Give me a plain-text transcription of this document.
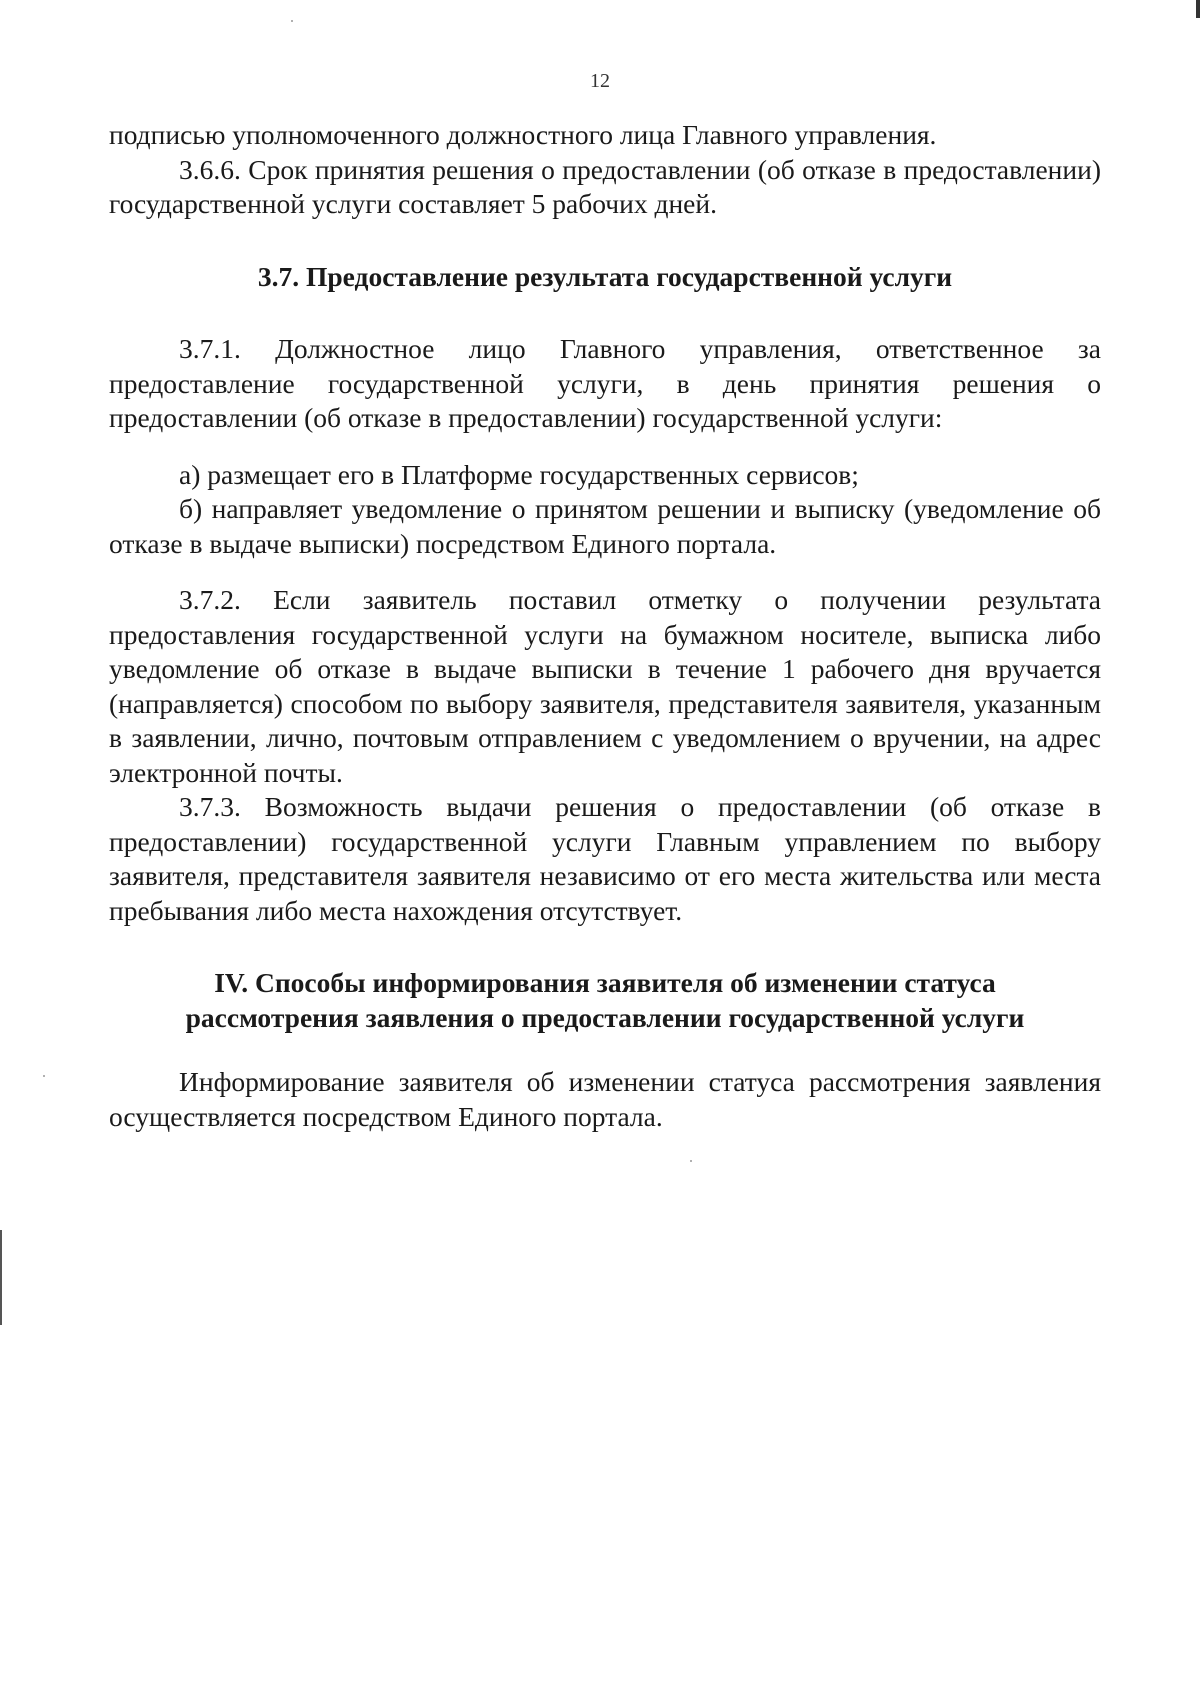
12

подписью уполномоченного должностного лица Главного управления.

3.6.6. Срок принятия решения о предоставлении (об отказе в предоставлении) государственной услуги составляет 5 рабочих дней.

3.7. Предоставление результата государственной услуги

3.7.1. Должностное лицо Главного управления, ответственное за предоставление государственной услуги, в день принятия решения о предоставлении (об отказе в предоставлении) государственной услуги:

а) размещает его в Платформе государственных сервисов;

б) направляет уведомление о принятом решении и выписку (уведомление об отказе в выдаче выписки) посредством Единого портала.

3.7.2. Если заявитель поставил отметку о получении результата предоставления государственной услуги на бумажном носителе, выписка либо уведомление об отказе в выдаче выписки в течение 1 рабочего дня вручается (направляется) способом по выбору заявителя, представителя заявителя, указанным в заявлении, лично, почтовым отправлением с уведомлением о вручении, на адрес электронной почты.

3.7.3. Возможность выдачи решения о предоставлении (об отказе в предоставлении) государственной услуги Главным управлением по выбору заявителя, представителя заявителя независимо от его места жительства или места пребывания либо места нахождения отсутствует.

IV. Способы информирования заявителя об изменении статуса

рассмотрения заявления о предоставлении государственной услуги

Информирование заявителя об изменении статуса рассмотрения заявления осуществляется посредством Единого портала.
